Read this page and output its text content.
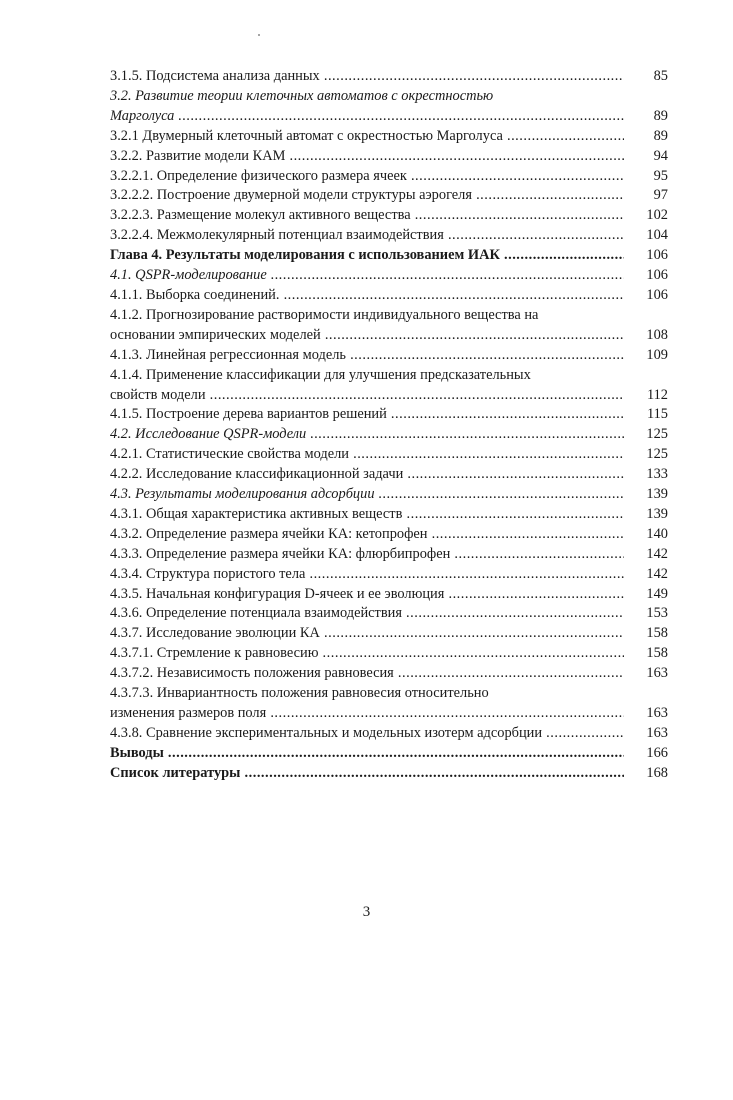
3.1.5. Подсистема анализа данных .....	85
3.2. Развитие теории клеточных автоматов с окрестностью
Марголуса .....	89
3.2.1 Двумерный клеточный автомат с окрестностью Марголуса .....	89
3.2.2. Развитие модели КАМ .....	94
3.2.2.1. Определение физического размера ячеек .....	95
3.2.2.2. Построение двумерной модели структуры аэрогеля .....	97
3.2.2.3. Размещение молекул активного вещества .....	102
3.2.2.4. Межмолекулярный потенциал взаимодействия .....	104
Глава 4. Результаты моделирования с использованием ИАК .....	106
4.1. QSPR-моделирование .....	106
4.1.1. Выборка соединений. .....	106
4.1.2. Прогнозирование растворимости индивидуального вещества на
основании эмпирических моделей .....	108
4.1.3. Линейная регрессионная модель .....	109
4.1.4. Применение классификации для улучшения предсказательных
свойств модели .....	112
4.1.5. Построение дерева вариантов решений .....	115
4.2. Исследование QSPR-модели .....	125
4.2.1. Статистические свойства модели .....	125
4.2.2. Исследование классификационной задачи .....	133
4.3. Результаты моделирования адсорбции .....	139
4.3.1. Общая характеристика активных веществ .....	139
4.3.2. Определение размера ячейки КА: кетопрофен .....	140
4.3.3. Определение размера ячейки КА: флюрбипрофен .....	142
4.3.4. Структура пористого тела .....	142
4.3.5. Начальная конфигурация D-ячеек и ее эволюция .....	149
4.3.6. Определение потенциала взаимодействия .....	153
4.3.7. Исследование эволюции КА .....	158
4.3.7.1. Стремление к равновесию .....	158
4.3.7.2. Независимость положения равновесия .....	163
4.3.7.3. Инвариантность положения равновесия относительно
изменения размеров поля .....	163
4.3.8. Сравнение экспериментальных и модельных изотерм адсорбции .....	163
Выводы .....	166
Список литературы .....	168
3
